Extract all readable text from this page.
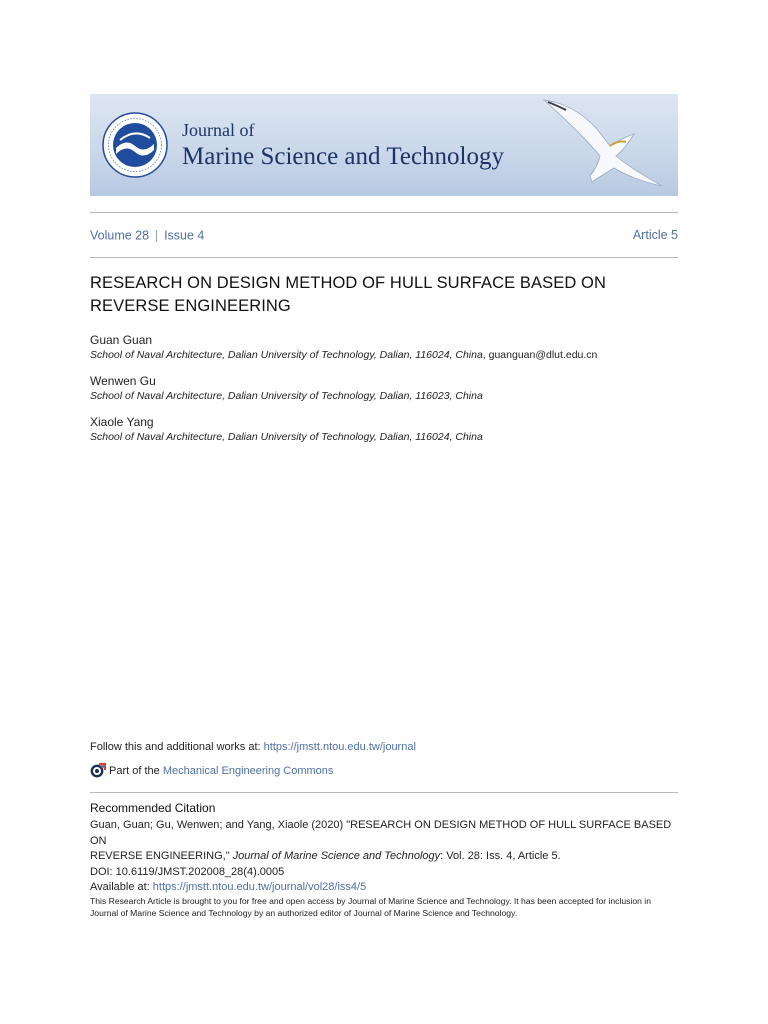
Journal of
Marine Science and Technology
Volume 28 Issue 4	Article 5
RESEARCH ON DESIGN METHOD OF HULL SURFACE BASED ON REVERSE ENGINEERING
Guan Guan
School of Naval Architecture, Dalian University of Technology, Dalian, 116024, China, guanguan@dlut.edu.cn
Wenwen Gu
School of Naval Architecture, Dalian University of Technology, Dalian, 116023, China
Xiaole Yang
School of Naval Architecture, Dalian University of Technology, Dalian, 116024, China
Follow this and additional works at: https://jmstt.ntou.edu.tw/journal
Part of the Mechanical Engineering Commons
Recommended Citation
Guan, Guan; Gu, Wenwen; and Yang, Xiaole (2020) "RESEARCH ON DESIGN METHOD OF HULL SURFACE BASED ON
REVERSE ENGINEERING," Journal of Marine Science and Technology: Vol. 28: Iss. 4, Article 5.
DOI: 10.6119/JMST.202008_28(4).0005
Available at: https://jmstt.ntou.edu.tw/journal/vol28/iss4/5
This Research Article is brought to you for free and open access by Journal of Marine Science and Technology. It has been accepted for inclusion in Journal of Marine Science and Technology by an authorized editor of Journal of Marine Science and Technology.
